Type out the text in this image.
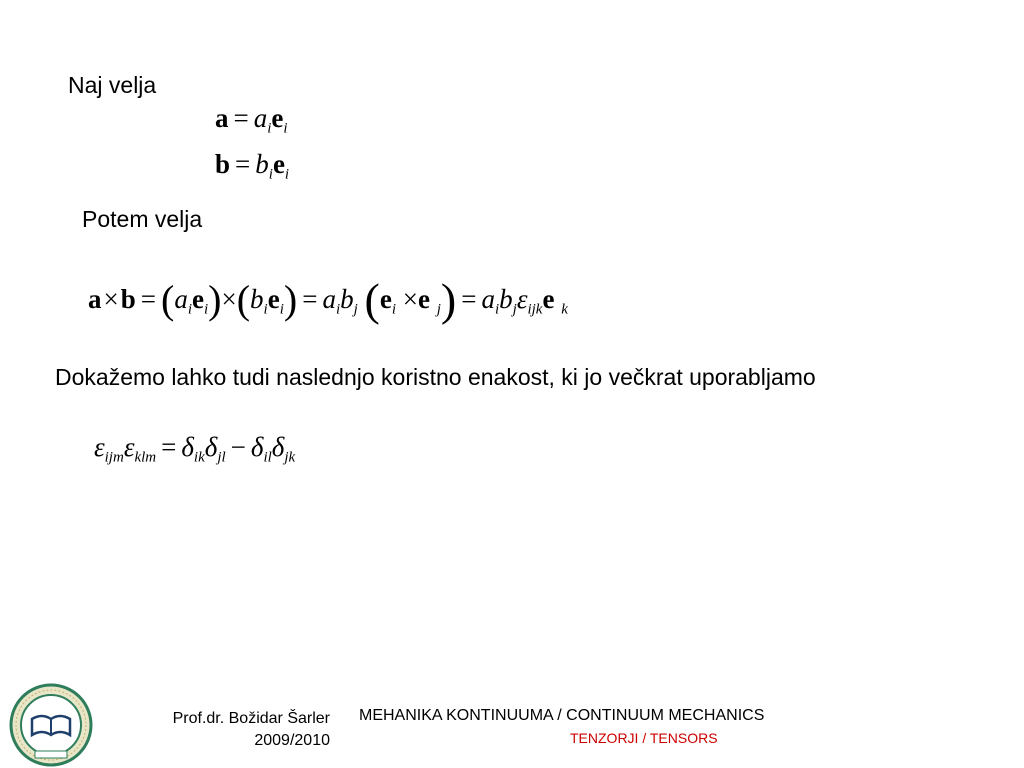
Naj velja
$a = a_ie_i$
$b = b_ie_i$
Potem velja
$a\times b = (a_ie_i)\times(b_ie_i) = a_ib_j$ ($e_i \times e$ $_j) = a_ib_j\varepsilon_{ijk}e$ $_k$
Dokažemo lahko tudi naslednjo koristno enakost, ki jo večkrat uporabljamo
$\varepsilon_{ijm}\varepsilon_{klm} = \delta_{ik}\delta_{jl} - \delta_{il}\delta_{jk}$
Prof.dr. Božidar Šarler
2009/2010
MEHANIKA KONTINUUMA / CONTINUUM MECHANICS
TENZORJI / TENSORS
